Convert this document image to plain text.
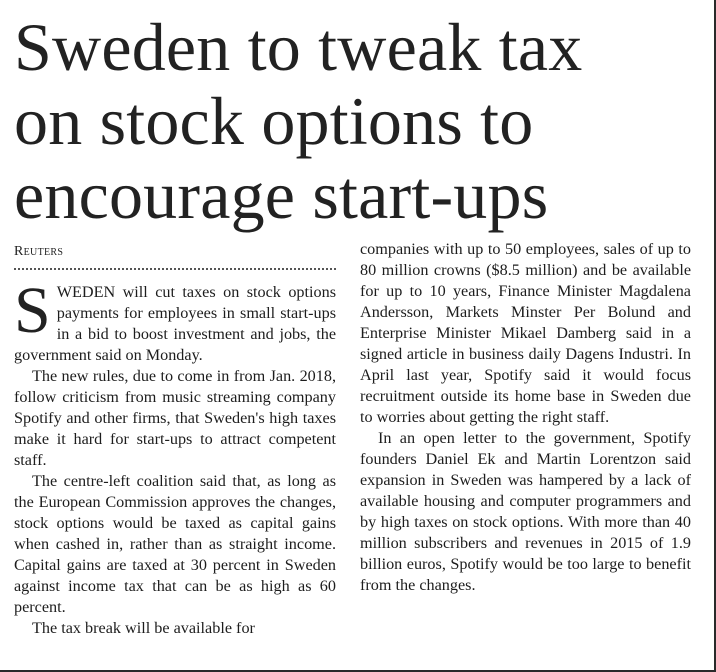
Sweden to tweak tax
on stock options to
encourage start-ups
Reuters

SWEDEN will cut taxes on stock options payments for employees in small start-ups in a bid to boost investment and jobs, the government said on Monday.

The new rules, due to come in from Jan. 2018, follow criticism from music streaming company Spotify and other firms, that Sweden's high taxes make it hard for start-ups to attract competent staff.

The centre-left coalition said that, as long as the European Commission approves the changes, stock options would be taxed as capital gains when cashed in, rather than as straight income. Capital gains are taxed at 30 percent in Sweden against income tax that can be as high as 60 percent.

The tax break will be available for

companies with up to 50 employees, sales of up to 80 million crowns ($8.5 million) and be available for up to 10 years, Finance Minister Magdalena Andersson, Markets Minster Per Bolund and Enterprise Minister Mikael Damberg said in a signed article in business daily Dagens Industri. In April last year, Spotify said it would focus recruitment outside its home base in Sweden due to worries about getting the right staff.

In an open letter to the government, Spotify founders Daniel Ek and Martin Lorentzon said expansion in Sweden was hampered by a lack of available housing and computer programmers and by high taxes on stock options. With more than 40 million subscribers and revenues in 2015 of 1.9 billion euros, Spotify would be too large to benefit from the changes.
